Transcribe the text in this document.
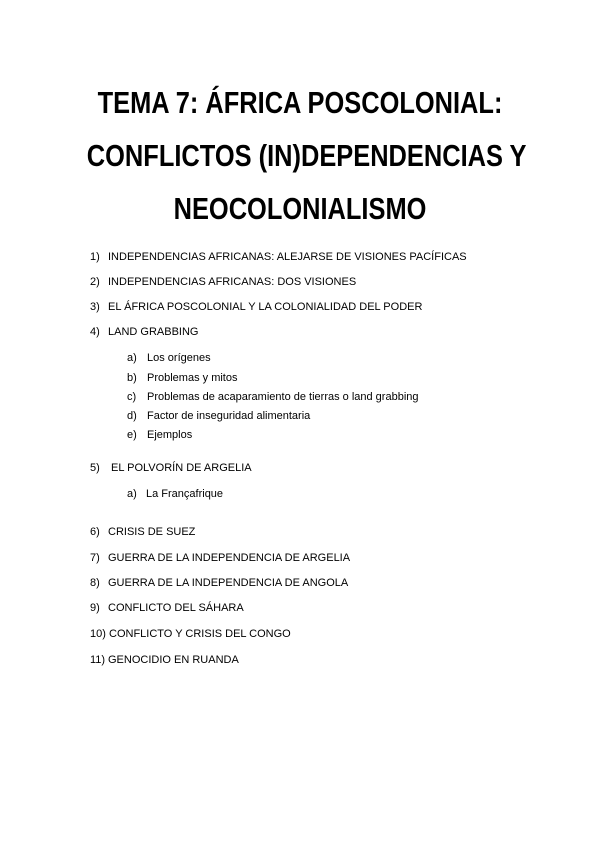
TEMA 7: ÁFRICA POSCOLONIAL:
CONFLICTOS (IN)DEPENDENCIAS Y
NEOCOLONIALISMO
1) INDEPENDENCIAS AFRICANAS: ALEJARSE DE VISIONES PACÍFICAS
2) INDEPENDENCIAS AFRICANAS: DOS VISIONES
3) EL ÁFRICA POSCOLONIAL Y LA COLONIALIDAD DEL PODER
4) LAND GRABBING
a) Los orígenes
b) Problemas y mitos
c) Problemas de acaparamiento de tierras o land grabbing
d) Factor de inseguridad alimentaria
e) Ejemplos
5) EL POLVORÍN DE ARGELIA
a) La Françafrique
6) CRISIS DE SUEZ
7) GUERRA DE LA INDEPENDENCIA DE ARGELIA
8) GUERRA DE LA INDEPENDENCIA DE ANGOLA
9) CONFLICTO DEL SÁHARA
10) CONFLICTO Y CRISIS DEL CONGO
11) GENOCIDIO EN RUANDA
